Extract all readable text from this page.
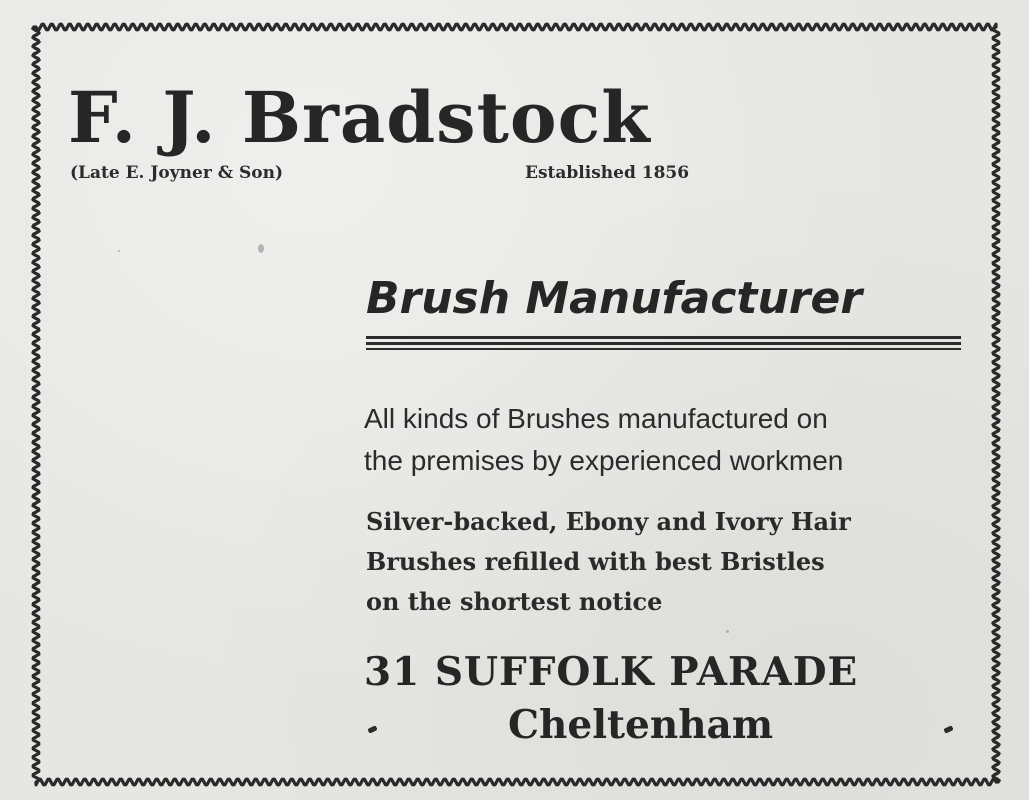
F. J. Bradstock
(Late E. Joyner & Son)	Established 1856
Brush Manufacturer
All kinds of Brushes manufactured on
the premises by experienced workmen
Silver-backed, Ebony and Ivory Hair
Brushes refilled with best Bristles
on the shortest notice
31 SUFFOLK PARADE
Cheltenham
